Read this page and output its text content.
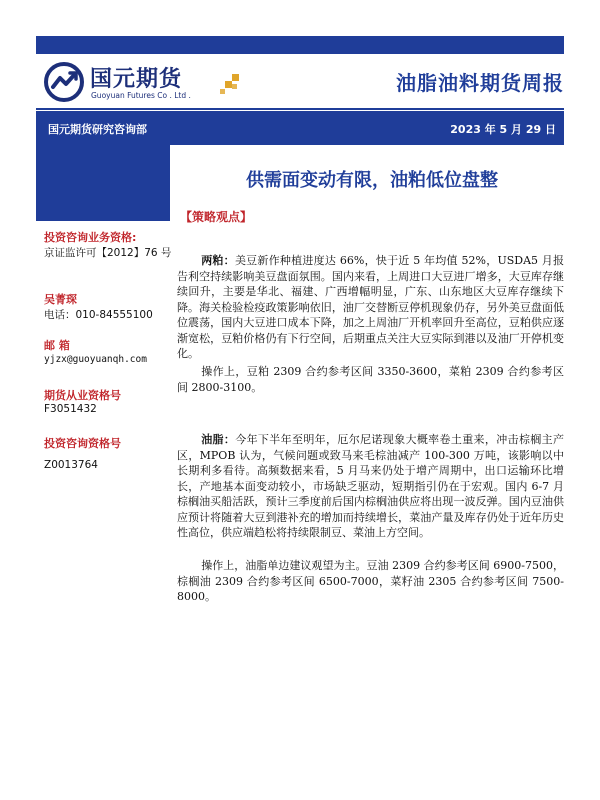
国元期货
Guoyuan Futures Co . Ltd .
油脂油料期货周报
国元期货研究咨询部	2023 年 5 月 29 日
投资咨询业务资格:
京证监许可【2012】76 号
吴菁琛
电话：010-84555100
邮 箱
yjzx@guoyuanqh.com
期货从业资格号
F3051432
投资咨询资格号
Z0013764
供需面变动有限，油粕低位盘整
【策略观点】

两粕：美豆新作种植进度达 66%，快于近 5 年均值 52%，USDA5 月报告利空持续影响美豆盘面氛围。国内来看，上周进口大豆进厂增多，大豆库存继续回升，主要是华北、福建、广西增幅明显，广东、山东地区大豆库存继续下降。海关检验检疫政策影响依旧，油厂交替断豆停机现象仍存，另外美豆盘面低位震荡，国内大豆进口成本下降，加之上周油厂开机率回升至高位，豆粕供应逐渐宽松，豆粕价格仍有下行空间，后期重点关注大豆实际到港以及油厂开停机变化。

操作上，豆粕 2309 合约参考区间 3350-3600，菜粕 2309 合约参考区间 2800-3100。

油脂：今年下半年至明年，厄尔尼诺现象大概率卷土重来，冲击棕榈主产区，MPOB 认为，气候问题或致马来毛棕油减产 100-300 万吨，该影响以中长期利多看待。高频数据来看，5 月马来仍处于增产周期中，出口运输环比增长，产地基本面变动较小，市场缺乏驱动，短期指引仍在于宏观。国内 6-7 月棕榈油买船活跃，预计三季度前后国内棕榈油供应将出现一波反弹。国内豆油供应预计将随着大豆到港补充的增加而持续增长，菜油产量及库存仍处于近年历史性高位，供应端趋松将持续限制豆、菜油上方空间。

操作上，油脂单边建议观望为主。豆油 2309 合约参考区间 6900-7500，棕榈油 2309 合约参考区间 6500-7000，菜籽油 2305 合约参考区间 7500-8000。
